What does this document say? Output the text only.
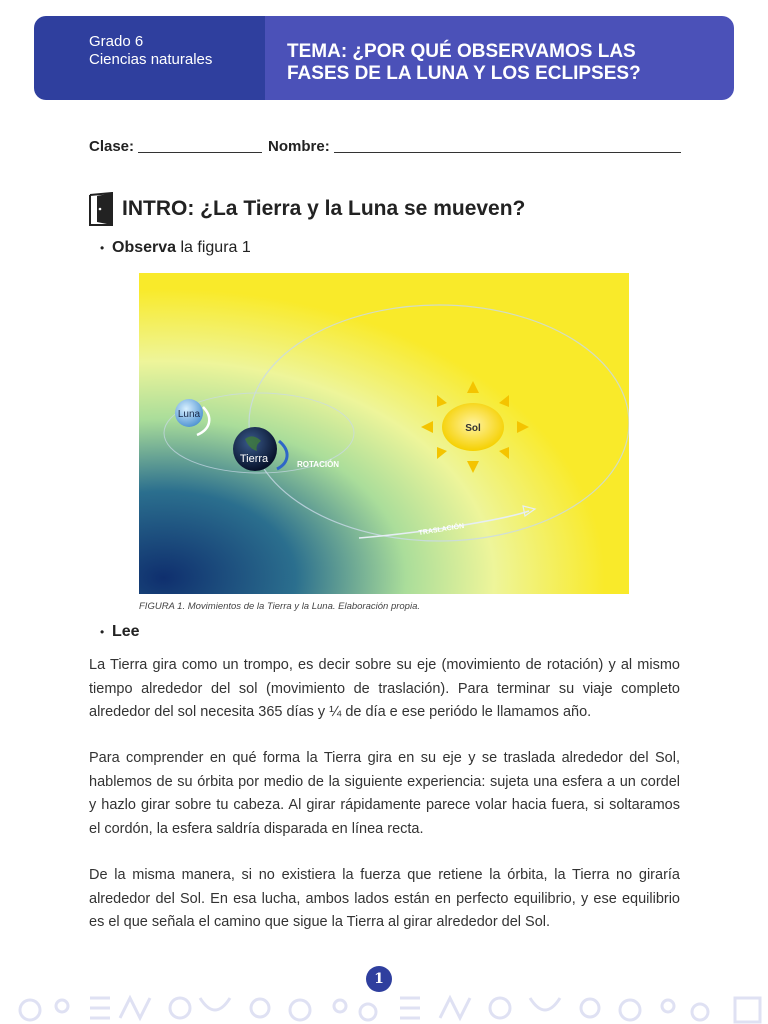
Grado 6
Ciencias naturales	TEMA: ¿POR QUÉ OBSERVAMOS LAS
FASES DE LA LUNA Y LOS ECLIPSES?
Clase:	Nombre:
INTRO: ¿La Tierra y la Luna se mueven?
• Observa la figura 1
Luna
Tierra
Sol
ROTACIÓN
TRASLACIÓN
FIGURA 1. Movimientos de la Tierra y la Luna. Elaboración propia.
• Lee

La Tierra gira como un trompo, es decir sobre su eje (movimiento de rotación) y al mismo tiempo alrededor del sol (movimiento de traslación). Para terminar su viaje completo alrededor del sol necesita 365 días y ¼ de día e ese periódo le llamamos año.

Para comprender en qué forma la Tierra gira en su eje y se traslada alrededor del Sol, hablemos de su órbita por medio de la siguiente experiencia: sujeta una esfera a un cordel y hazlo girar sobre tu cabeza. Al girar rápidamente parece volar hacia fuera, si soltaramos el cordón, la esfera saldría disparada en línea recta.

De la misma manera, si no existiera la fuerza que retiene la órbita, la Tierra no giraría alrededor del Sol. En esa lucha, ambos lados están en perfecto equilibrio, y ese equilibrio es el que señala el camino que sigue la Tierra al girar alrededor del Sol.

1
